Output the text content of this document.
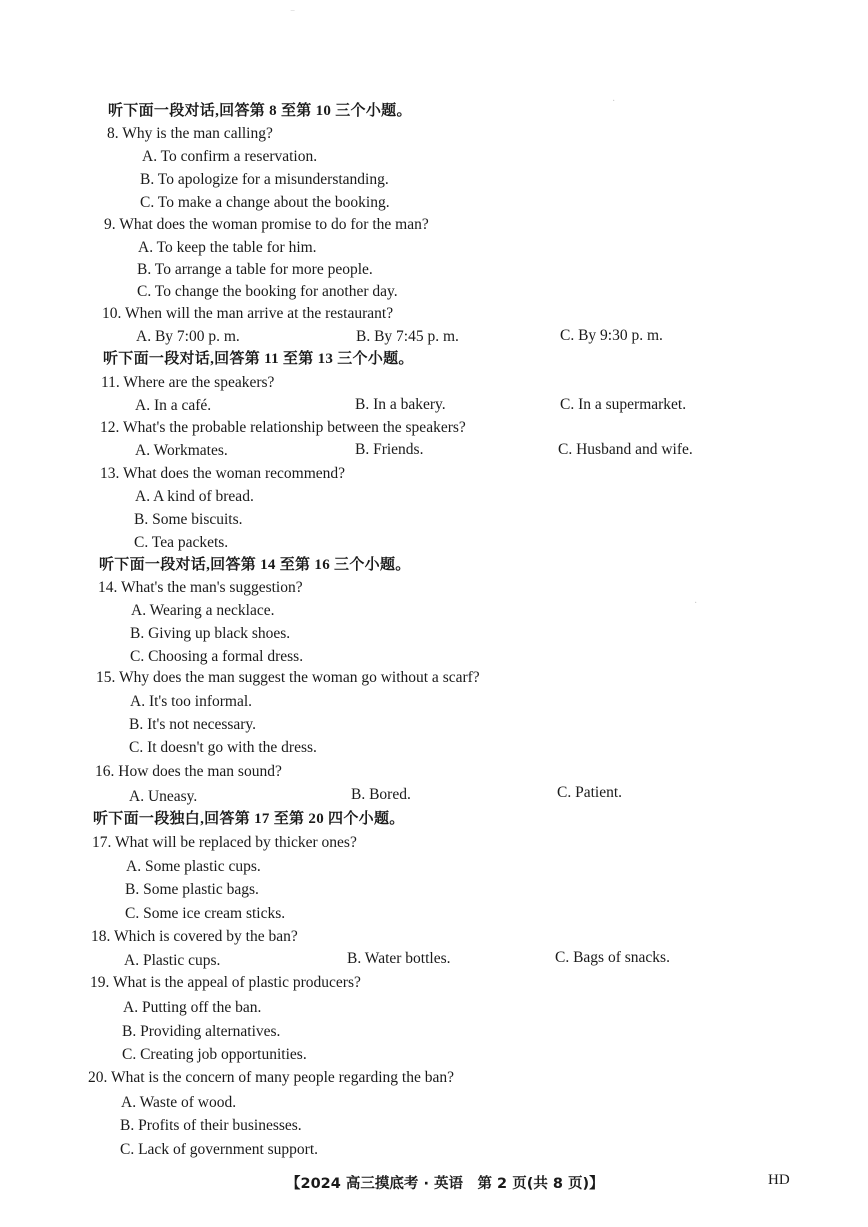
听下面一段对话,回答第 8 至第 10 三个小题。
8. Why is the man calling?
A. To confirm a reservation.
B. To apologize for a misunderstanding.
C. To make a change about the booking.
9. What does the woman promise to do for the man?
A. To keep the table for him.
B. To arrange a table for more people.
C. To change the booking for another day.
10. When will the man arrive at the restaurant?
A. By 7:00 p. m.	B. By 7:45 p. m.	C. By 9:30 p. m.
听下面一段对话,回答第 11 至第 13 三个小题。
11. Where are the speakers?
A. In a café.	B. In a bakery.	C. In a supermarket.
12. What's the probable relationship between the speakers?
A. Workmates.	B. Friends.	C. Husband and wife.
13. What does the woman recommend?
A. A kind of bread.
B. Some biscuits.
C. Tea packets.
听下面一段对话,回答第 14 至第 16 三个小题。
14. What's the man's suggestion?
A. Wearing a necklace.
B. Giving up black shoes.
C. Choosing a formal dress.
15. Why does the man suggest the woman go without a scarf?
A. It's too informal.
B. It's not necessary.
C. It doesn't go with the dress.
16. How does the man sound?
A. Uneasy.	B. Bored.	C. Patient.
听下面一段独白,回答第 17 至第 20 四个小题。
17. What will be replaced by thicker ones?
A. Some plastic cups.
B. Some plastic bags.
C. Some ice cream sticks.
18. Which is covered by the ban?
A. Plastic cups.	B. Water bottles.	C. Bags of snacks.
19. What is the appeal of plastic producers?
A. Putting off the ban.
B. Providing alternatives.
C. Creating job opportunities.
20. What is the concern of many people regarding the ban?
A. Waste of wood.
B. Profits of their businesses.
C. Lack of government support.
【2024 高三摸底考 · 英语　第 2 页(共 8 页)】	HD
⁻
·
·
